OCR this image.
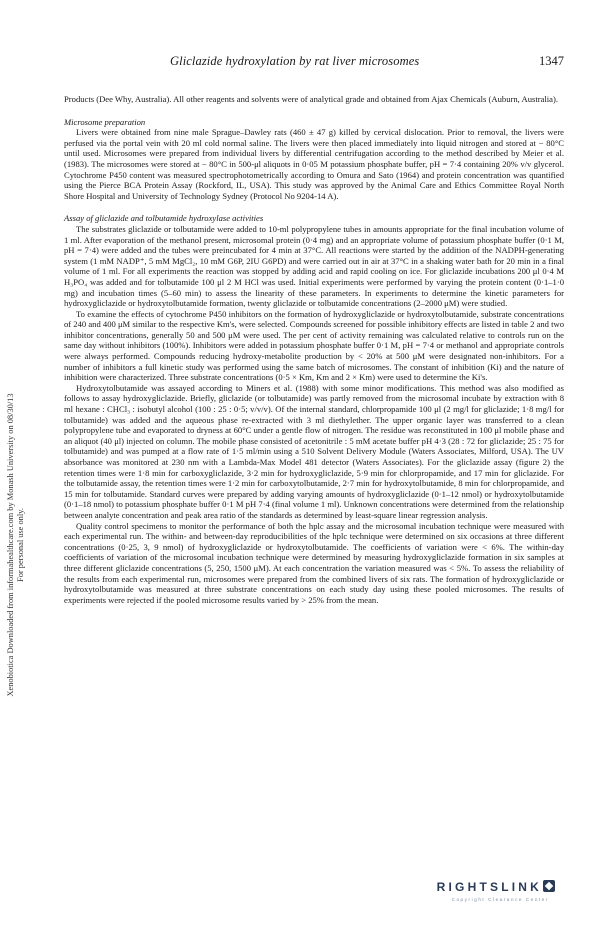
Gliclazide hydroxylation by rat liver microsomes	1347

Products (Dee Why, Australia). All other reagents and solvents were of analytical grade and obtained from Ajax Chemicals (Auburn, Australia).

Microsome preparation

Livers were obtained from nine male Sprague–Dawley rats (460 ± 47 g) killed by cervical dislocation. Prior to removal, the livers were perfused via the portal vein with 20 ml cold normal saline. The livers were then placed immediately into liquid nitrogen and stored at − 80°C until used. Microsomes were prepared from individual livers by differential centrifugation according to the method described by Meier et al. (1983). The microsomes were stored at − 80°C in 500-μl aliquots in 0·05 M potassium phosphate buffer, pH = 7·4 containing 20% v/v glycerol. Cytochrome P450 content was measured spectrophotometrically according to Omura and Sato (1964) and protein concentration was quantified using the Pierce BCA Protein Assay (Rockford, IL, USA). This study was approved by the Animal Care and Ethics Committee Royal North Shore Hospital and University of Technology Sydney (Protocol No 9204-14 A).

Assay of gliclazide and tolbutamide hydroxylase activities

The substrates gliclazide or tolbutamide were added to 10-ml polypropylene tubes in amounts appropriate for the final incubation volume of 1 ml. After evaporation of the methanol present, microsomal protein (0·4 mg) and an appropriate volume of potassium phosphate buffer (0·1 M, pH = 7·4) were added and the tubes were preincubated for 4 min at 37°C. All reactions were started by the addition of the NADPH-generating system (1 mM NADP⁺, 5 mM MgCl₂, 10 mM G6P, 2IU G6PD) and were carried out in air at 37°C in a shaking water bath for 20 min in a final volume of 1 ml. For all experiments the reaction was stopped by adding acid and rapid cooling on ice. For gliclazide incubations 200 μl 0·4 M H₃PO₄ was added and for tolbutamide 100 μl 2 M HCl was used. Initial experiments were performed by varying the protein content (0·1–1·0 mg) and incubation times (5–60 min) to assess the linearity of these parameters. In experiments to determine the kinetic parameters for hydroxygliclazide or hydroxytolbutamide formation, twenty gliclazide or tolbutamide concentrations (2–2000 μM) were studied.

To examine the effects of cytochrome P450 inhibitors on the formation of hydroxygliclazide or hydroxytolbutamide, substrate concentrations of 240 and 400 μM similar to the respective Km's, were selected. Compounds screened for possible inhibitory effects are listed in table 2 and two inhibitor concentrations, generally 50 and 500 μM were used. The per cent of activity remaining was calculated relative to controls run on the same day without inhibitors (100%). Inhibitors were added in potassium phosphate buffer 0·1 M, pH = 7·4 or methanol and appropriate controls were always performed. Compounds reducing hydroxy-metabolite production by < 20% at 500 μM were designated non-inhibitors. For a number of inhibitors a full kinetic study was performed using the same batch of microsomes. The constant of inhibition (Ki) and the nature of inhibition were characterized. Three substrate concentrations (0·5 × Km, Km and 2 × Km) were used to determine the Ki's.

Hydroxytolbutamide was assayed according to Miners et al. (1988) with some minor modifications. This method was also modified as follows to assay hydroxygliclazide. Briefly, gliclazide (or tolbutamide) was partly removed from the microsomal incubate by extraction with 8 ml hexane : CHCl₃ : isobutyl alcohol (100 : 25 : 0·5; v/v/v). Of the internal standard, chlorpropamide 100 μl (2 mg/l for gliclazide; 1·8 mg/l for tolbutamide) was added and the aqueous phase re-extracted with 3 ml diethylether. The upper organic layer was transferred to a clean polypropylene tube and evaporated to dryness at 60°C under a gentle flow of nitrogen. The residue was reconstituted in 100 μl mobile phase and an aliquot (40 μl) injected on column. The mobile phase consisted of acetonitrile : 5 mM acetate buffer pH 4·3 (28 : 72 for gliclazide; 25 : 75 for tolbutamide) and was pumped at a flow rate of 1·5 ml/min using a 510 Solvent Delivery Module (Waters Associates, Milford, USA). The UV absorbance was monitored at 230 nm with a Lambda-Max Model 481 detector (Waters Associates). For the gliclazide assay (figure 2) the retention times were 1·8 min for carboxygliclazide, 3·2 min for hydroxygliclazide, 5·9 min for chlorpropamide, and 17 min for gliclazide. For the tolbutamide assay, the retention times were 1·2 min for carboxytolbutamide, 2·7 min for hydroxytolbutamide, 8 min for chlorpropamide, and 15 min for tolbutamide. Standard curves were prepared by adding varying amounts of hydroxygliclazide (0·1–12 nmol) or hydroxytolbutamide (0·1–18 nmol) to potassium phosphate buffer 0·1 M pH 7·4 (final volume 1 ml). Unknown concentrations were determined from the relationship between analyte concentration and peak area ratio of the standards as determined by least-square linear regression analysis.

Quality control specimens to monitor the performance of both the hplc assay and the microsomal incubation technique were measured with each experimental run. The within- and between-day reproducibilities of the hplc technique were determined on six occasions at three different concentrations (0·25, 3, 9 nmol) of hydroxygliclazide or hydroxytolbutamide. The coefficients of variation were < 6%. The within-day coefficients of variation of the microsomal incubation technique were determined by measuring hydroxygliclazide formation in six samples at three different gliclazide concentrations (5, 250, 1500 μM). At each concentration the variation measured was < 5%. To assess the reliability of the results from each experimental run, microsomes were prepared from the combined livers of six rats. The formation of hydroxygliclazide or hydroxytolbutamide was measured at three substrate concentrations on each study day using these pooled microsomes. The results of experiments were rejected if the pooled microsome results varied by > 25% from the mean.

Xenobiotica Downloaded from informahealthcare.com by Monash University on 08/30/13 For personal use only.
RIGHTSLINK
Copyright Clearance Center
